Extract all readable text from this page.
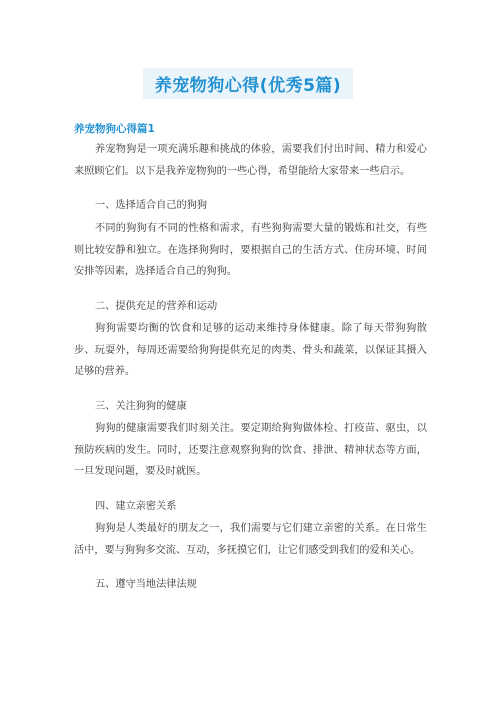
养宠物狗心得(优秀5篇)
养宠物狗心得篇1

养宠物狗是一项充满乐趣和挑战的体验，需要我们付出时间、精力和爱心来照顾它们。以下是我养宠物狗的一些心得，希望能给大家带来一些启示。

一、选择适合自己的狗狗

不同的狗狗有不同的性格和需求，有些狗狗需要大量的锻炼和社交，有些则比较安静和独立。在选择狗狗时，要根据自己的生活方式、住房环境、时间安排等因素，选择适合自己的狗狗。

二、提供充足的营养和运动

狗狗需要均衡的饮食和足够的运动来维持身体健康。除了每天带狗狗散步、玩耍外，每周还需要给狗狗提供充足的肉类、骨头和蔬菜，以保证其摄入足够的营养。

三、关注狗狗的健康

狗狗的健康需要我们时刻关注。要定期给狗狗做体检、打疫苗、驱虫，以预防疾病的发生。同时，还要注意观察狗狗的饮食、排泄、精神状态等方面，一旦发现问题，要及时就医。

四、建立亲密关系

狗狗是人类最好的朋友之一，我们需要与它们建立亲密的关系。在日常生活中，要与狗狗多交流、互动，多抚摸它们，让它们感受到我们的爱和关心。

五、遵守当地法律法规
